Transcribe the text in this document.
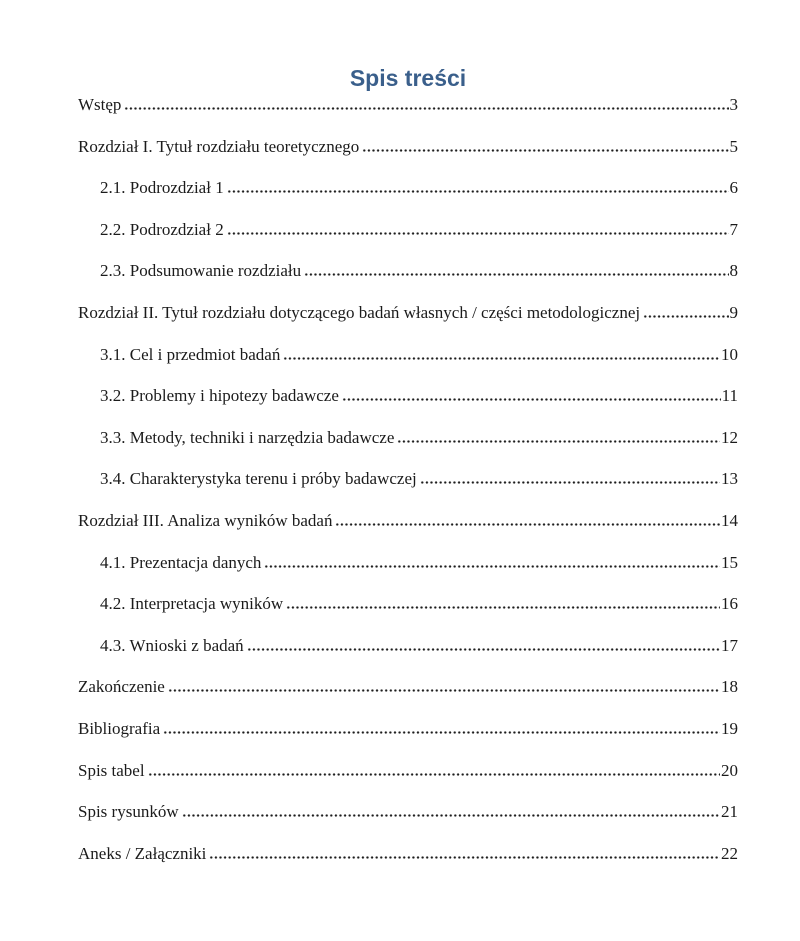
Spis treści
Wstęp	3
Rozdział I. Tytuł rozdziału teoretycznego	5
2.1. Podrozdział 1	6
2.2. Podrozdział 2	7
2.3. Podsumowanie rozdziału	8
Rozdział II. Tytuł rozdziału dotyczącego badań własnych / części metodologicznej	9
3.1. Cel i przedmiot badań	10
3.2. Problemy i hipotezy badawcze	11
3.3. Metody, techniki i narzędzia badawcze	12
3.4. Charakterystyka terenu i próby badawczej	13
Rozdział III. Analiza wyników badań	14
4.1. Prezentacja danych	15
4.2. Interpretacja wyników	16
4.3. Wnioski z badań	17
Zakończenie	18
Bibliografia	19
Spis tabel	20
Spis rysunków	21
Aneks / Załączniki	22
